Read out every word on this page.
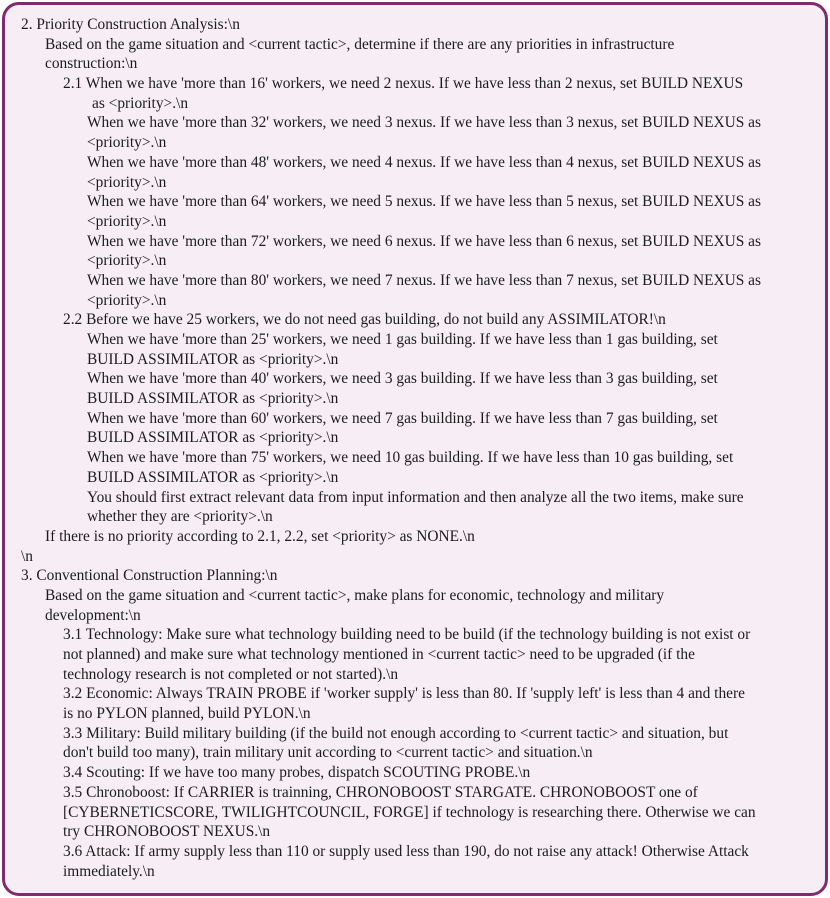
2. Priority Construction Analysis:\n
Based on the game situation and <current tactic>, determine if there are any priorities in infrastructure
construction:\n
2.1 When we have 'more than 16' workers, we need 2 nexus. If we have less than 2 nexus, set BUILD NEXUS
as <priority>.\n
When we have 'more than 32' workers, we need 3 nexus. If we have less than 3 nexus, set BUILD NEXUS as
<priority>.\n
When we have 'more than 48' workers, we need 4 nexus. If we have less than 4 nexus, set BUILD NEXUS as
<priority>.\n
When we have 'more than 64' workers, we need 5 nexus. If we have less than 5 nexus, set BUILD NEXUS as
<priority>.\n
When we have 'more than 72' workers, we need 6 nexus. If we have less than 6 nexus, set BUILD NEXUS as
<priority>.\n
When we have 'more than 80' workers, we need 7 nexus. If we have less than 7 nexus, set BUILD NEXUS as
<priority>.\n
2.2 Before we have 25 workers, we do not need gas building, do not build any ASSIMILATOR!\n
When we have 'more than 25' workers, we need 1 gas building. If we have less than 1 gas building, set
BUILD ASSIMILATOR as <priority>.\n
When we have 'more than 40' workers, we need 3 gas building. If we have less than 3 gas building, set
BUILD ASSIMILATOR as <priority>.\n
When we have 'more than 60' workers, we need 7 gas building. If we have less than 7 gas building, set
BUILD ASSIMILATOR as <priority>.\n
When we have 'more than 75' workers, we need 10 gas building. If we have less than 10 gas building, set
BUILD ASSIMILATOR as <priority>.\n
You should first extract relevant data from input information and then analyze all the two items, make sure
whether they are <priority>.\n
If there is no priority according to 2.1, 2.2, set <priority> as NONE.\n
\n
3. Conventional Construction Planning:\n
Based on the game situation and <current tactic>, make plans for economic, technology and military
development:\n
3.1 Technology: Make sure what technology building need to be build (if the technology building is not exist or
not planned) and make sure what technology mentioned in <current tactic> need to be upgraded (if the
technology research is not completed or not started).\n
3.2 Economic: Always TRAIN PROBE if 'worker supply' is less than 80. If 'supply left' is less than 4 and there
is no PYLON planned, build PYLON.\n
3.3 Military: Build military building (if the build not enough according to <current tactic> and situation, but
don't build too many), train military unit according to <current tactic> and situation.\n
3.4 Scouting: If we have too many probes, dispatch SCOUTING PROBE.\n
3.5 Chronoboost: If CARRIER is trainning, CHRONOBOOST STARGATE. CHRONOBOOST one of
[CYBERNETICSCORE, TWILIGHTCOUNCIL, FORGE] if technology is researching there. Otherwise we can
try CHRONOBOOST NEXUS.\n
3.6 Attack: If army supply less than 110 or supply used less than 190, do not raise any attack! Otherwise Attack
immediately.\n
